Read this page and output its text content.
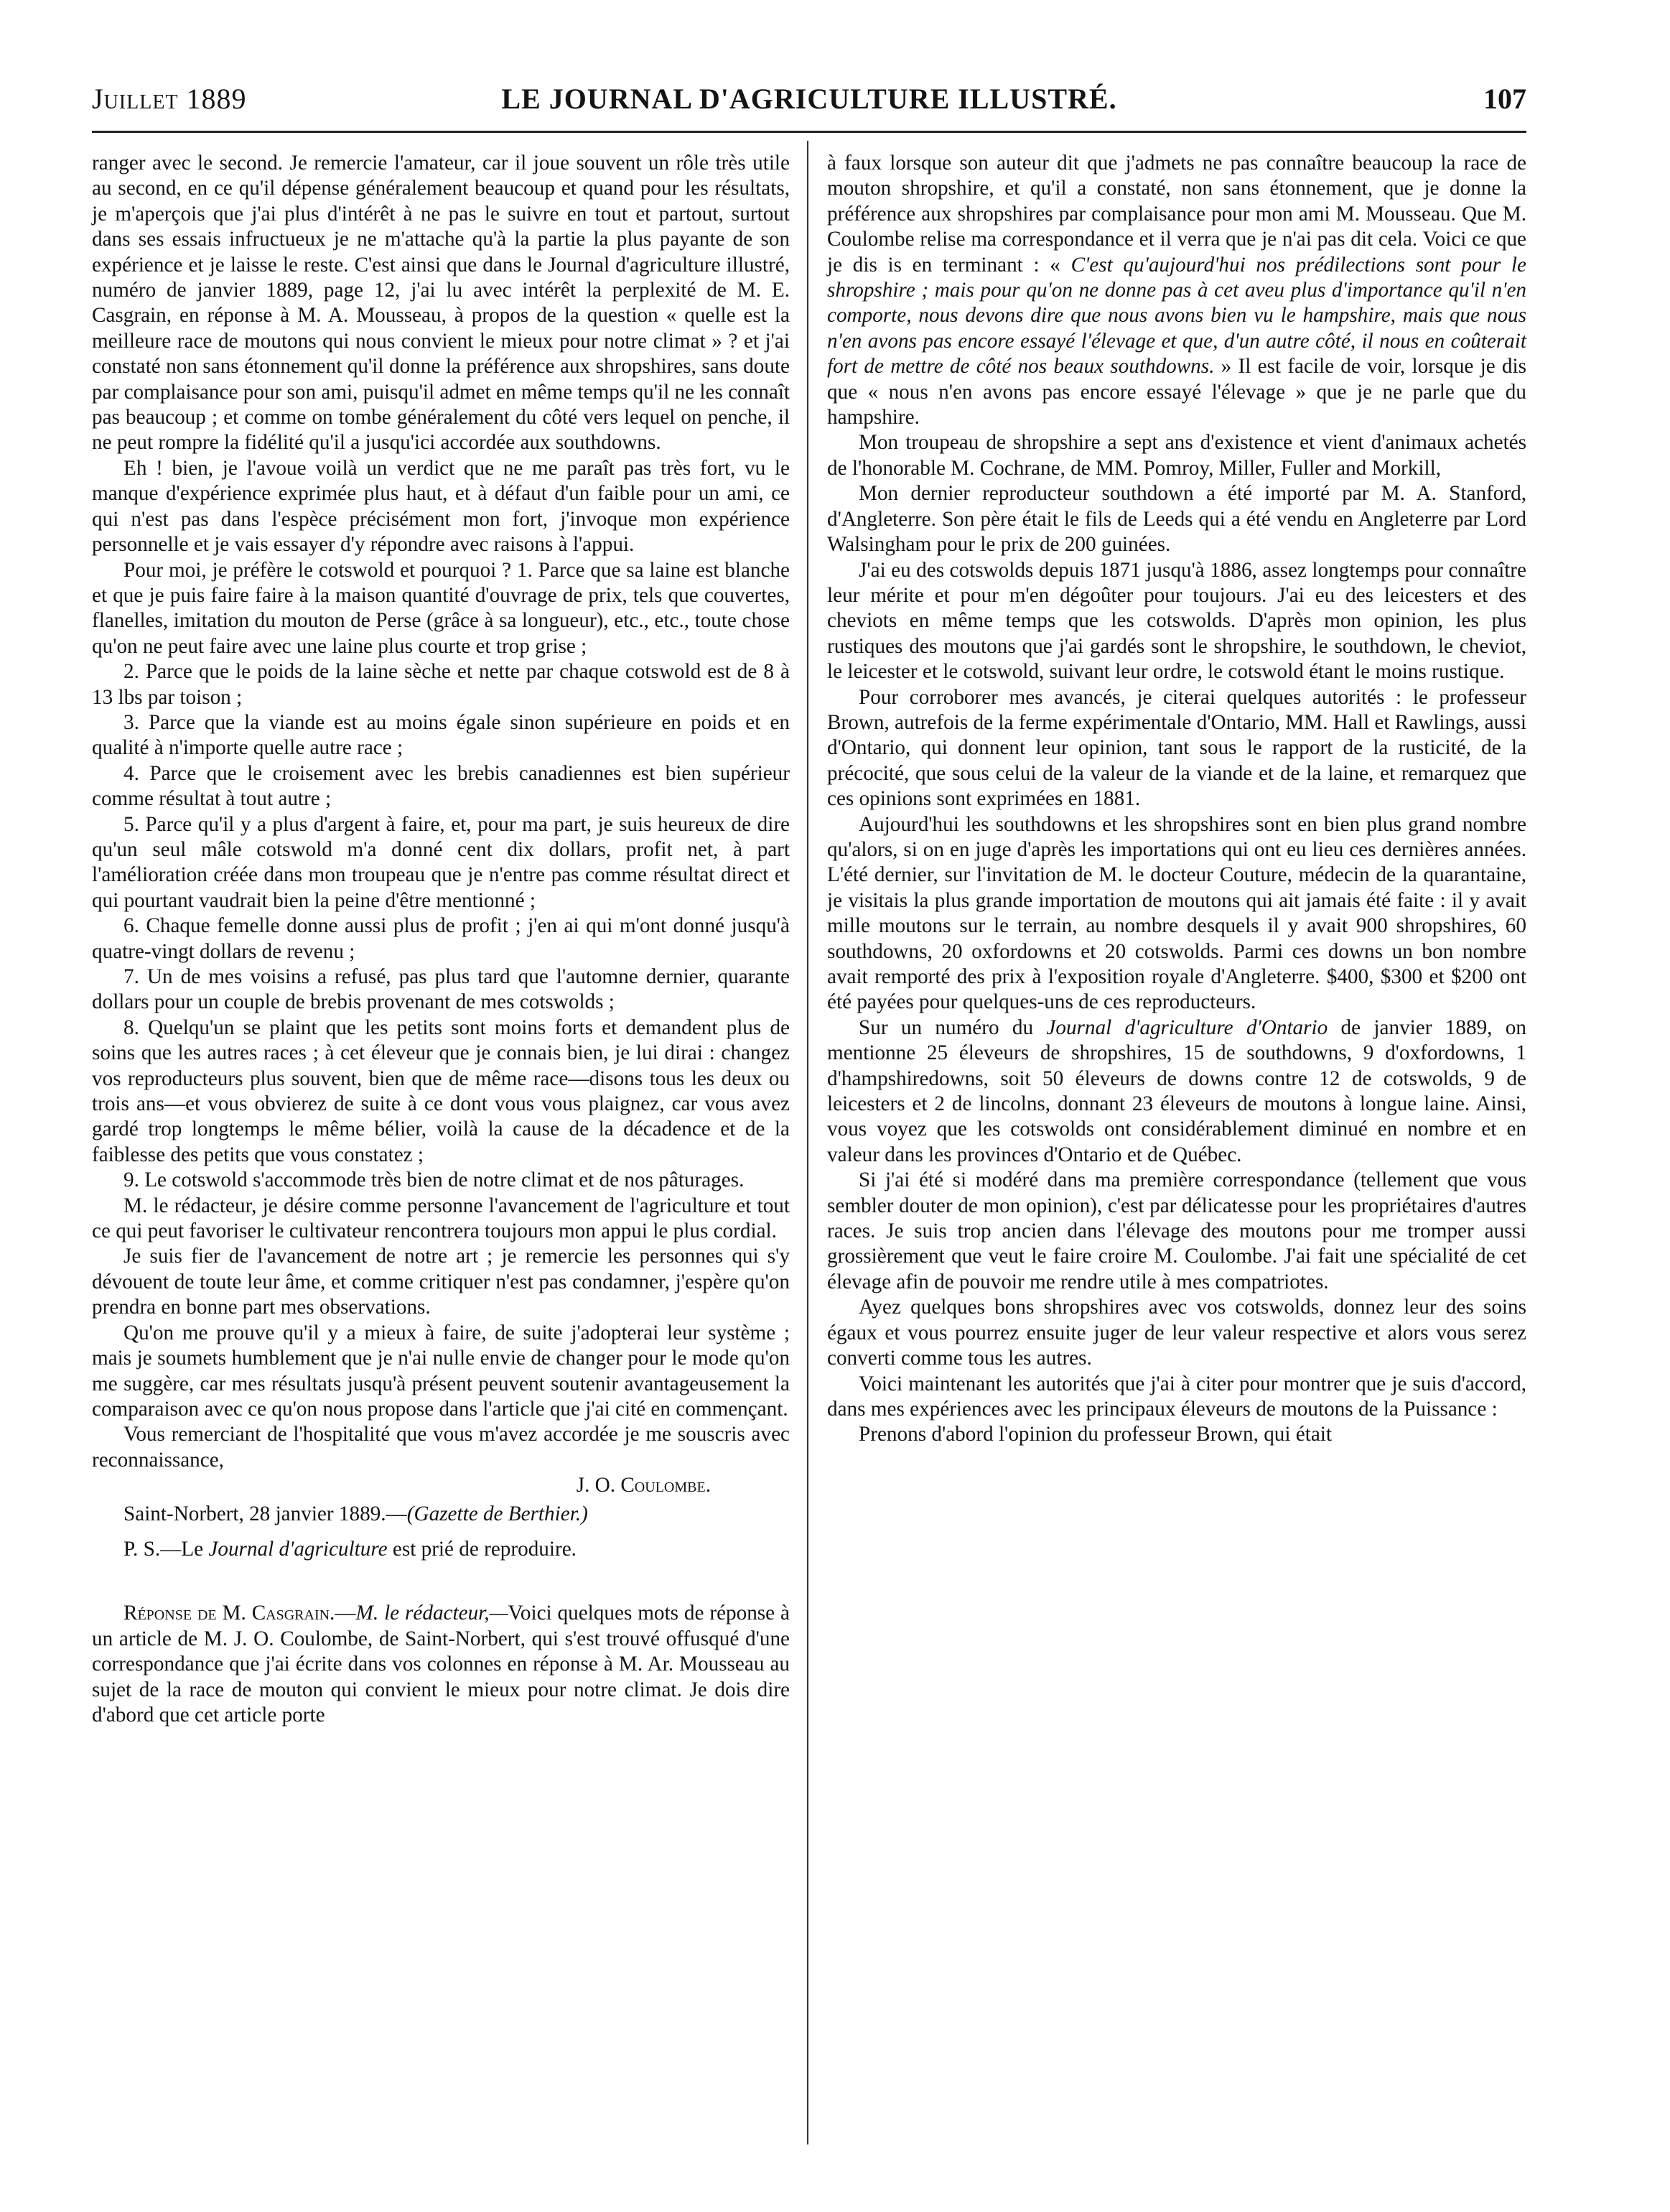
Juillet 1889	LE JOURNAL D'AGRICULTURE ILLUSTRÉ.	107

ranger avec le second. Je remercie l'amateur, car il joue souvent un rôle très utile au second, en ce qu'il dépense généralement beaucoup et quand pour les résultats, je m'aperçois que j'ai plus d'intérêt à ne pas le suivre en tout et partout, surtout dans ses essais infructueux je ne m'attache qu'à la partie la plus payante de son expérience et je laisse le reste. C'est ainsi que dans le Journal d'agriculture illustré, numéro de janvier 1889, page 12, j'ai lu avec intérêt la perplexité de M. E. Casgrain, en réponse à M. A. Mousseau, à propos de la question « quelle est la meilleure race de moutons qui nous convient le mieux pour notre climat » ? et j'ai constaté non sans étonnement qu'il donne la préférence aux shropshires, sans doute par complaisance pour son ami, puisqu'il admet en même temps qu'il ne les connaît pas beaucoup ; et comme on tombe généralement du côté vers lequel on penche, il ne peut rompre la fidélité qu'il a jusqu'ici accordée aux southdowns.

Eh ! bien, je l'avoue voilà un verdict que ne me paraît pas très fort, vu le manque d'expérience exprimée plus haut, et à défaut d'un faible pour un ami, ce qui n'est pas dans l'espèce précisément mon fort, j'invoque mon expérience personnelle et je vais essayer d'y répondre avec raisons à l'appui.

Pour moi, je préfère le cotswold et pourquoi ? 1. Parce que sa laine est blanche et que je puis faire faire à la maison quantité d'ouvrage de prix, tels que couvertes, flanelles, imitation du mouton de Perse (grâce à sa longueur), etc., etc., toute chose qu'on ne peut faire avec une laine plus courte et trop grise ;

2. Parce que le poids de la laine sèche et nette par chaque cotswold est de 8 à 13 lbs par toison ;

3. Parce que la viande est au moins égale sinon supérieure en poids et en qualité à n'importe quelle autre race ;

4. Parce que le croisement avec les brebis canadiennes est bien supérieur comme résultat à tout autre ;

5. Parce qu'il y a plus d'argent à faire, et, pour ma part, je suis heureux de dire qu'un seul mâle cotswold m'a donné cent dix dollars, profit net, à part l'amélioration créée dans mon troupeau que je n'entre pas comme résultat direct et qui pourtant vaudrait bien la peine d'être mentionné ;

6. Chaque femelle donne aussi plus de profit ; j'en ai qui m'ont donné jusqu'à quatre-vingt dollars de revenu ;

7. Un de mes voisins a refusé, pas plus tard que l'automne dernier, quarante dollars pour un couple de brebis provenant de mes cotswolds ;

8. Quelqu'un se plaint que les petits sont moins forts et demandent plus de soins que les autres races ; à cet éleveur que je connais bien, je lui dirai : changez vos reproducteurs plus souvent, bien que de même race—disons tous les deux ou trois ans—et vous obvierez de suite à ce dont vous vous plaignez, car vous avez gardé trop longtemps le même bélier, voilà la cause de la décadence et de la faiblesse des petits que vous constatez ;

9. Le cotswold s'accommode très bien de notre climat et de nos pâturages.

M. le rédacteur, je désire comme personne l'avancement de l'agriculture et tout ce qui peut favoriser le cultivateur rencontrera toujours mon appui le plus cordial.

Je suis fier de l'avancement de notre art ; je remercie les personnes qui s'y dévouent de toute leur âme, et comme critiquer n'est pas condamner, j'espère qu'on prendra en bonne part mes observations.

Qu'on me prouve qu'il y a mieux à faire, de suite j'adopterai leur système ; mais je soumets humblement que je n'ai nulle envie de changer pour le mode qu'on me suggère, car mes résultats jusqu'à présent peuvent soutenir avantageusement la comparaison avec ce qu'on nous propose dans l'article que j'ai cité en commençant.

Vous remerciant de l'hospitalité que vous m'avez accordée je me souscris avec reconnaissance,

J. O. Coulombe.

Saint-Norbert, 28 janvier 1889.—(Gazette de Berthier.)

P. S.—Le Journal d'agriculture est prié de reproduire.

Réponse de M. Casgrain.—M. le rédacteur,—Voici quelques mots de réponse à un article de M. J. O. Coulombe, de Saint-Norbert, qui s'est trouvé offusqué d'une correspondance que j'ai écrite dans vos colonnes en réponse à M. Ar. Mousseau au sujet de la race de mouton qui convient le mieux pour notre climat. Je dois dire d'abord que cet article porte

à faux lorsque son auteur dit que j'admets ne pas connaître beaucoup la race de mouton shropshire, et qu'il a constaté, non sans étonnement, que je donne la préférence aux shropshires par complaisance pour mon ami M. Mousseau. Que M. Coulombe relise ma correspondance et il verra que je n'ai pas dit cela. Voici ce que je dis is en terminant : « C'est qu'aujourd'hui nos prédilections sont pour le shropshire ; mais pour qu'on ne donne pas à cet aveu plus d'importance qu'il n'en comporte, nous devons dire que nous avons bien vu le hampshire, mais que nous n'en avons pas encore essayé l'élevage et que, d'un autre côté, il nous en coûterait fort de mettre de côté nos beaux southdowns. » Il est facile de voir, lorsque je dis que « nous n'en avons pas encore essayé l'élevage » que je ne parle que du hampshire.

Mon troupeau de shropshire a sept ans d'existence et vient d'animaux achetés de l'honorable M. Cochrane, de MM. Pomroy, Miller, Fuller and Morkill,

Mon dernier reproducteur southdown a été importé par M. A. Stanford, d'Angleterre. Son père était le fils de Leeds qui a été vendu en Angleterre par Lord Walsingham pour le prix de 200 guinées.

J'ai eu des cotswolds depuis 1871 jusqu'à 1886, assez longtemps pour connaître leur mérite et pour m'en dégoûter pour toujours. J'ai eu des leicesters et des cheviots en même temps que les cotswolds. D'après mon opinion, les plus rustiques des moutons que j'ai gardés sont le shropshire, le southdown, le cheviot, le leicester et le cotswold, suivant leur ordre, le cotswold étant le moins rustique.

Pour corroborer mes avancés, je citerai quelques autorités : le professeur Brown, autrefois de la ferme expérimentale d'Ontario, MM. Hall et Rawlings, aussi d'Ontario, qui donnent leur opinion, tant sous le rapport de la rusticité, de la précocité, que sous celui de la valeur de la viande et de la laine, et remarquez que ces opinions sont exprimées en 1881.

Aujourd'hui les southdowns et les shropshires sont en bien plus grand nombre qu'alors, si on en juge d'après les importations qui ont eu lieu ces dernières années. L'été dernier, sur l'invitation de M. le docteur Couture, médecin de la quarantaine, je visitais la plus grande importation de moutons qui ait jamais été faite : il y avait mille moutons sur le terrain, au nombre desquels il y avait 900 shropshires, 60 southdowns, 20 oxfordowns et 20 cotswolds. Parmi ces downs un bon nombre avait remporté des prix à l'exposition royale d'Angleterre. $400, $300 et $200 ont été payées pour quelques-uns de ces reproducteurs.

Sur un numéro du Journal d'agriculture d'Ontario de janvier 1889, on mentionne 25 éleveurs de shropshires, 15 de southdowns, 9 d'oxfordowns, 1 d'hampshiredowns, soit 50 éleveurs de downs contre 12 de cotswolds, 9 de leicesters et 2 de lincolns, donnant 23 éleveurs de moutons à longue laine. Ainsi, vous voyez que les cotswolds ont considérablement diminué en nombre et en valeur dans les provinces d'Ontario et de Québec.

Si j'ai été si modéré dans ma première correspondance (tellement que vous sembler douter de mon opinion), c'est par délicatesse pour les propriétaires d'autres races. Je suis trop ancien dans l'élevage des moutons pour me tromper aussi grossièrement que veut le faire croire M. Coulombe. J'ai fait une spécialité de cet élevage afin de pouvoir me rendre utile à mes compatriotes.

Ayez quelques bons shropshires avec vos cotswolds, donnez leur des soins égaux et vous pourrez ensuite juger de leur valeur respective et alors vous serez converti comme tous les autres.

Voici maintenant les autorités que j'ai à citer pour montrer que je suis d'accord, dans mes expériences avec les principaux éleveurs de moutons de la Puissance :

Prenons d'abord l'opinion du professeur Brown, qui était
